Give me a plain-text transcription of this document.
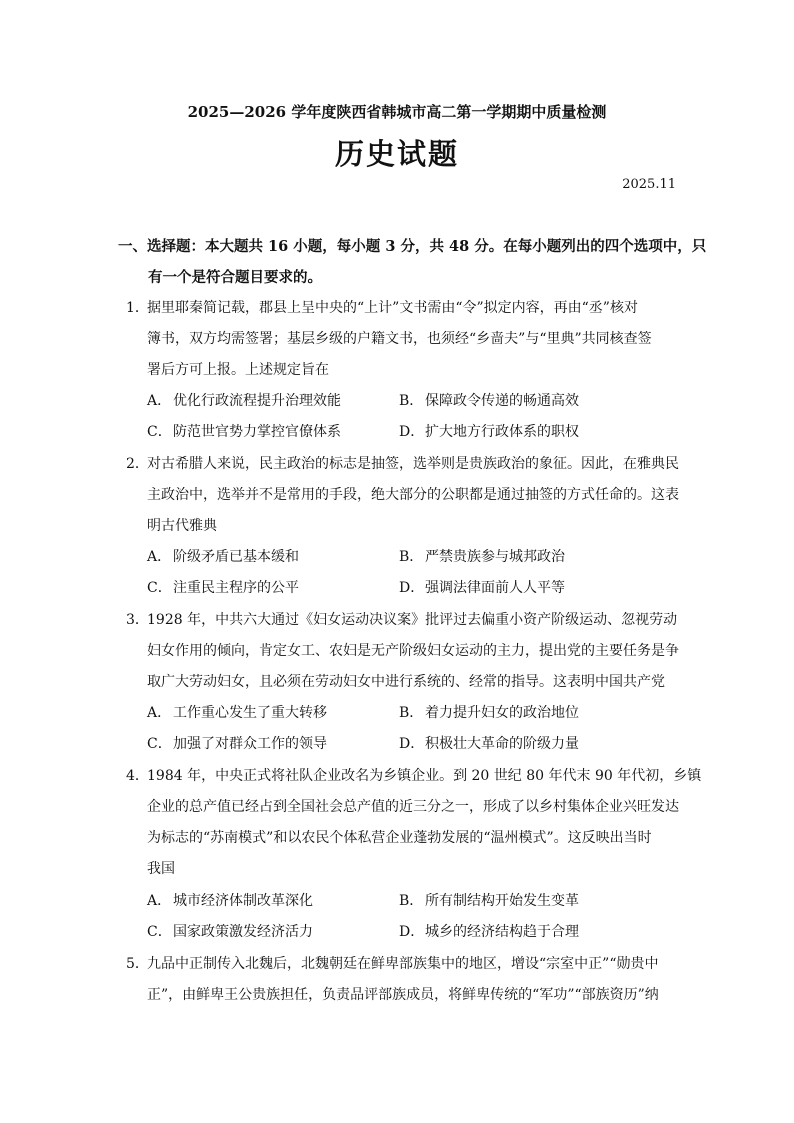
2025—2026 学年度陕西省韩城市高二第一学期期中质量检测
历史试题
2025.11
一、选择题：本大题共 16 小题，每小题 3 分，共 48 分。在每小题列出的四个选项中，只
有一个是符合题目要求的。
1．据里耶秦简记载，郡县上呈中央的“上计”文书需由“令”拟定内容，再由“丞”核对
簿书，双方均需签署；基层乡级的户籍文书，也须经“乡啬夫”与“里典”共同核查签
署后方可上报。上述规定旨在
A． 优化行政流程提升治理效能	B． 保障政令传递的畅通高效
C．防范世官势力掌控官僚体系	D．扩大地方行政体系的职权
2．对古希腊人来说，民主政治的标志是抽签，选举则是贵族政治的象征。因此，在雅典民
主政治中，选举并不是常用的手段，绝大部分的公职都是通过抽签的方式任命的。这表
明古代雅典
A． 阶级矛盾已基本缓和	B． 严禁贵族参与城邦政治
C．注重民主程序的公平	D．强调法律面前人人平等
3．1928 年，中共六大通过《妇女运动决议案》批评过去偏重小资产阶级运动、忽视劳动
妇女作用的倾向，肯定女工、农妇是无产阶级妇女运动的主力，提出党的主要任务是争
取广大劳动妇女，且必须在劳动妇女中进行系统的、经常的指导。这表明中国共产党
A． 工作重心发生了重大转移	B． 着力提升妇女的政治地位
C．加强了对群众工作的领导	D．积极壮大革命的阶级力量
4．1984 年，中央正式将社队企业改名为乡镇企业。到 20 世纪 80 年代末 90 年代初，乡镇
企业的总产值已经占到全国社会总产值的近三分之一，形成了以乡村集体企业兴旺发达
为标志的“苏南模式”和以农民个体私营企业蓬勃发展的“温州模式”。这反映出当时
我国
A． 城市经济体制改革深化	B． 所有制结构开始发生变革
C．国家政策激发经济活力	D．城乡的经济结构趋于合理
5．九品中正制传入北魏后，北魏朝廷在鲜卑部族集中的地区，增设“宗室中正”“勋贵中
正”，由鲜卑王公贵族担任，负责品评部族成员，将鲜卑传统的“军功”“部族资历”纳
